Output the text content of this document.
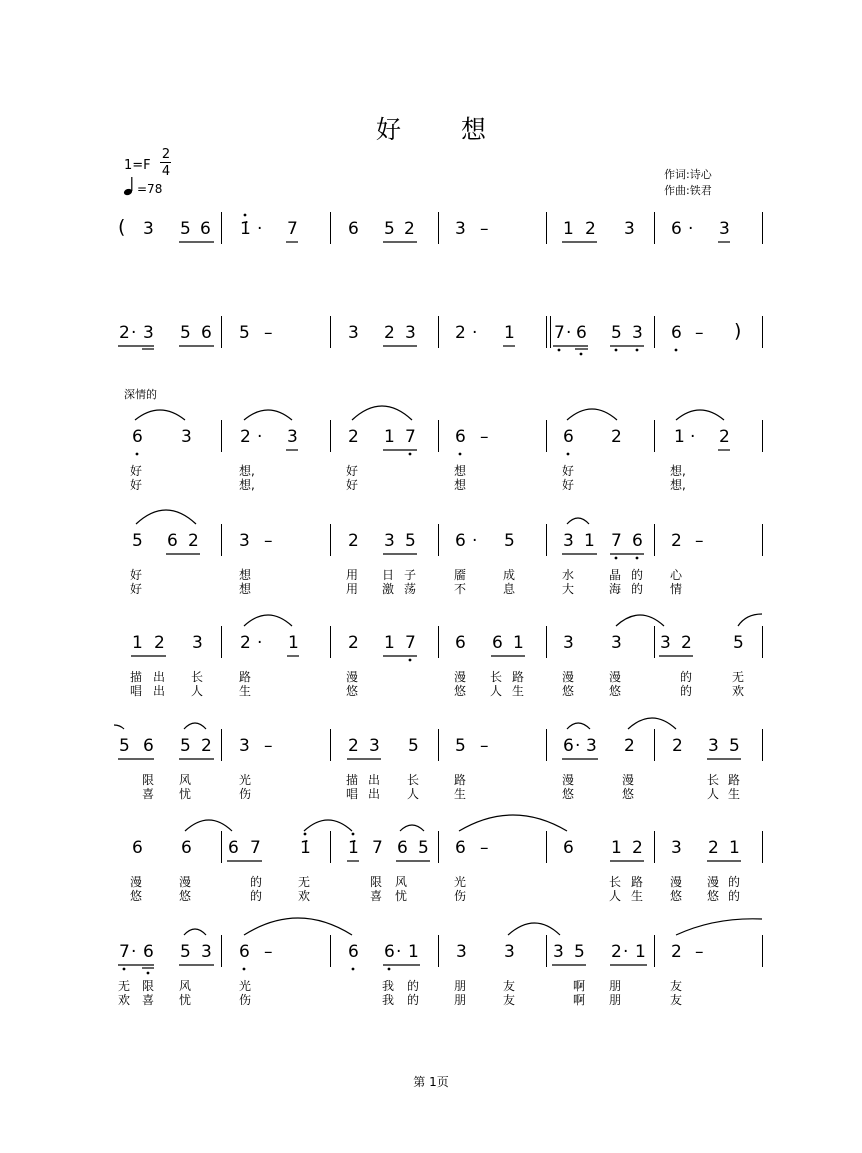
好 想
1=F
2
4
=78
作词:诗心
作曲:铁君
深情的
( 3 5 6 1̇ · 7	6 5 2 3 –	1 2 3 6 · 3
2 · 3 5 6 5 –	3 2 3 2 · 1 7 · 6 5 3 6 – )
6 3	2 · 3	2 1 7 6 –	6 2	1 · 2
好	想,	好	想	好	想,
好	想,	好	想	好	想,
5 6 2 3 –	2 3 5 6 · 5	3 1 7 6 2 –
好	想	用 日 子	靥	成	水	晶 的 心
好	想	用 激 荡	不	息	大	海 的 情
1 2 3 2 · 1	2 1 7 6 6 1 3 3 3 2 5
描 出 长	路	漫	漫 长 路	漫	漫	的	无
唱 出 人	生	悠	悠 人 生	悠	悠	的	欢
5 6 5 2 3 –	2 3 5 5 –	6 · 3 2 2 3 5
限 风	光	描 出 长	路	漫	漫	长 路
喜 忧	伤	唱 出 人	生	悠	悠	人 生
6 6 6 7 1̇ 1̇ 7 6 5 6 –	6 1 2 3 2 1
漫	漫	的	无	限 风	光	长 路 漫 漫 的
悠	悠	的	欢	喜 忧	伤	人 生 悠 悠 的
7 · 6 5 3 6 –	6 6 · 1 3 3 3 5 2 · 1 2 –
无 限 风	光	我 的	朋	友	啊 朋	友
欢 喜 忧	伤	我 的	朋	友	啊 朋	友
第 1页
